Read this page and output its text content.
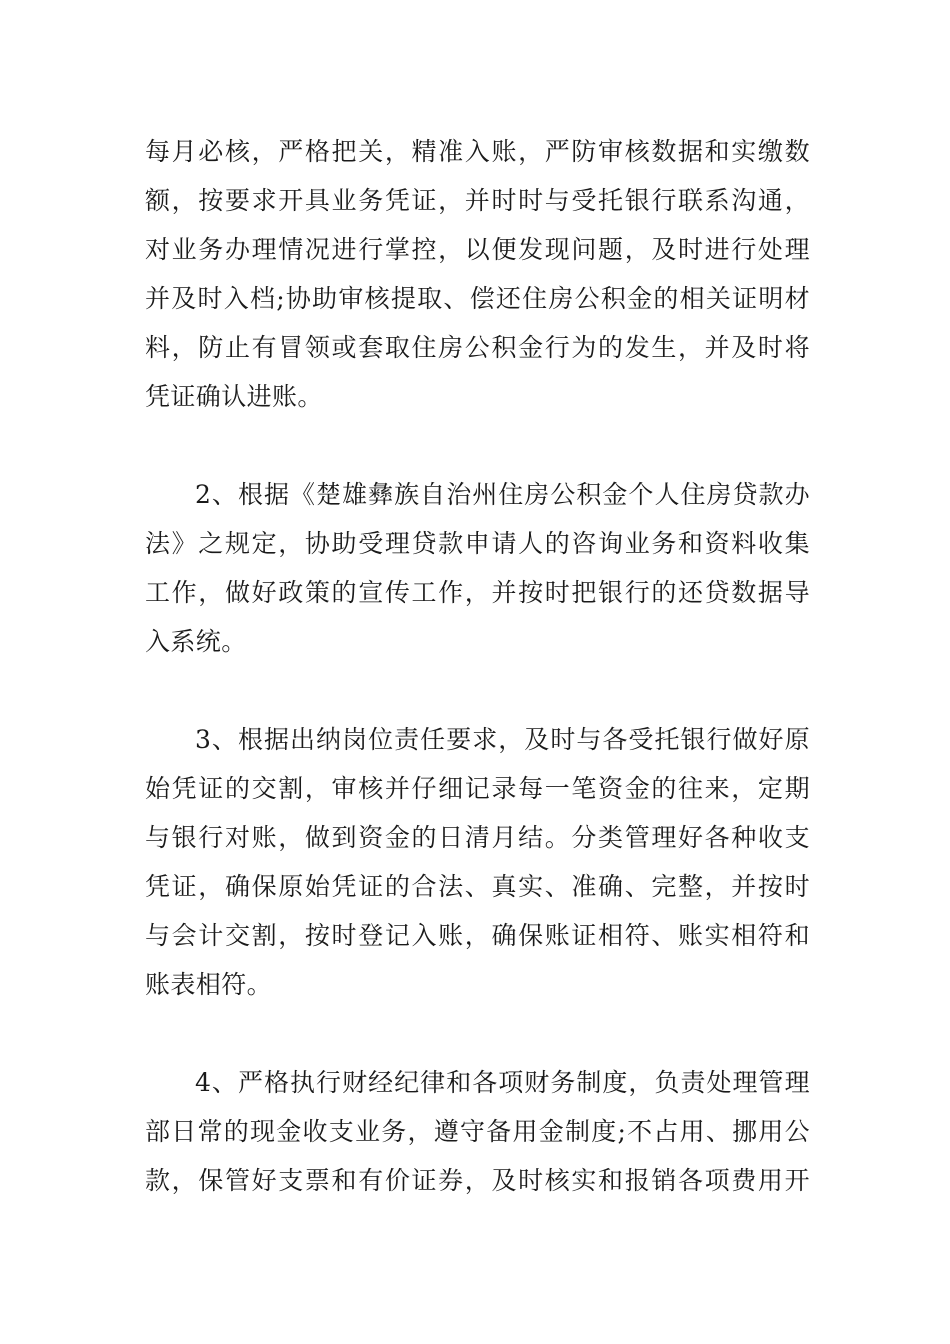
每月必核，严格把关，精准入账，严防审核数据和实缴数
额，按要求开具业务凭证，并时时与受托银行联系沟通，
对业务办理情况进行掌控，以便发现问题，及时进行处理
并及时入档;协助审核提取、偿还住房公积金的相关证明材
料，防止有冒领或套取住房公积金行为的发生，并及时将
凭证确认进账。

2、根据《楚雄彝族自治州住房公积金个人住房贷款办
法》之规定，协助受理贷款申请人的咨询业务和资料收集
工作，做好政策的宣传工作，并按时把银行的还贷数据导
入系统。

3、根据出纳岗位责任要求，及时与各受托银行做好原
始凭证的交割，审核并仔细记录每一笔资金的往来，定期
与银行对账，做到资金的日清月结。分类管理好各种收支
凭证，确保原始凭证的合法、真实、准确、完整，并按时
与会计交割，按时登记入账，确保账证相符、账实相符和
账表相符。

4、严格执行财经纪律和各项财务制度，负责处理管理
部日常的现金收支业务，遵守备用金制度;不占用、挪用公
款，保管好支票和有价证券，及时核实和报销各项费用开
